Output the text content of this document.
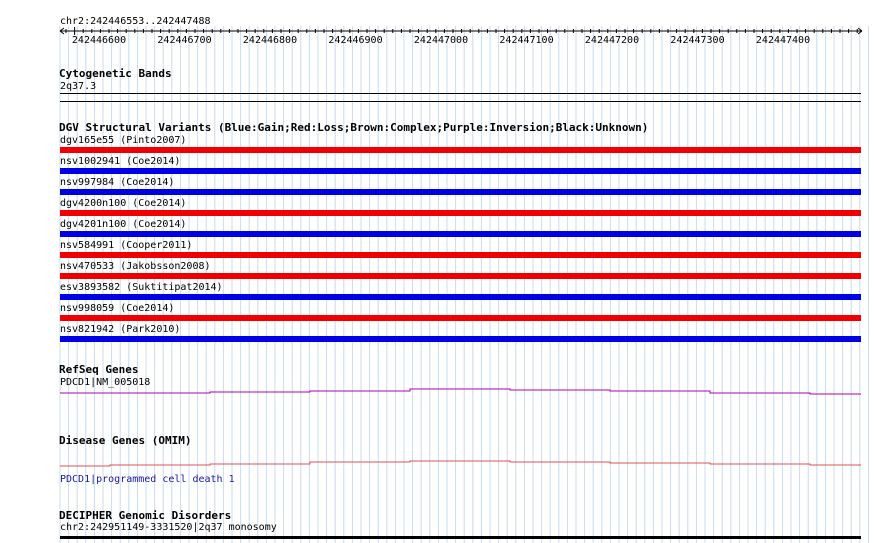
chr2:242446553..242447488
242446600	242446700	242446800	242446900	242447000	242447100	242447200	242447300	242447400
Cytogenetic Bands
2q37.3
DGV Structural Variants (Blue:Gain;Red:Loss;Brown:Complex;Purple:Inversion;Black:Unknown)
dgv165e55 (Pinto2007)
nsv1002941 (Coe2014)
nsv997984 (Coe2014)
dgv4200n100 (Coe2014)
dgv4201n100 (Coe2014)
nsv584991 (Cooper2011)
nsv470533 (Jakobsson2008)
esv3893582 (Suktitipat2014)
nsv998059 (Coe2014)
nsv821942 (Park2010)
RefSeq Genes
PDCD1|NM_005018
Disease Genes (OMIM)
PDCD1|programmed cell death 1
DECIPHER Genomic Disorders
chr2:242951149-3331520|2q37 monosomy
